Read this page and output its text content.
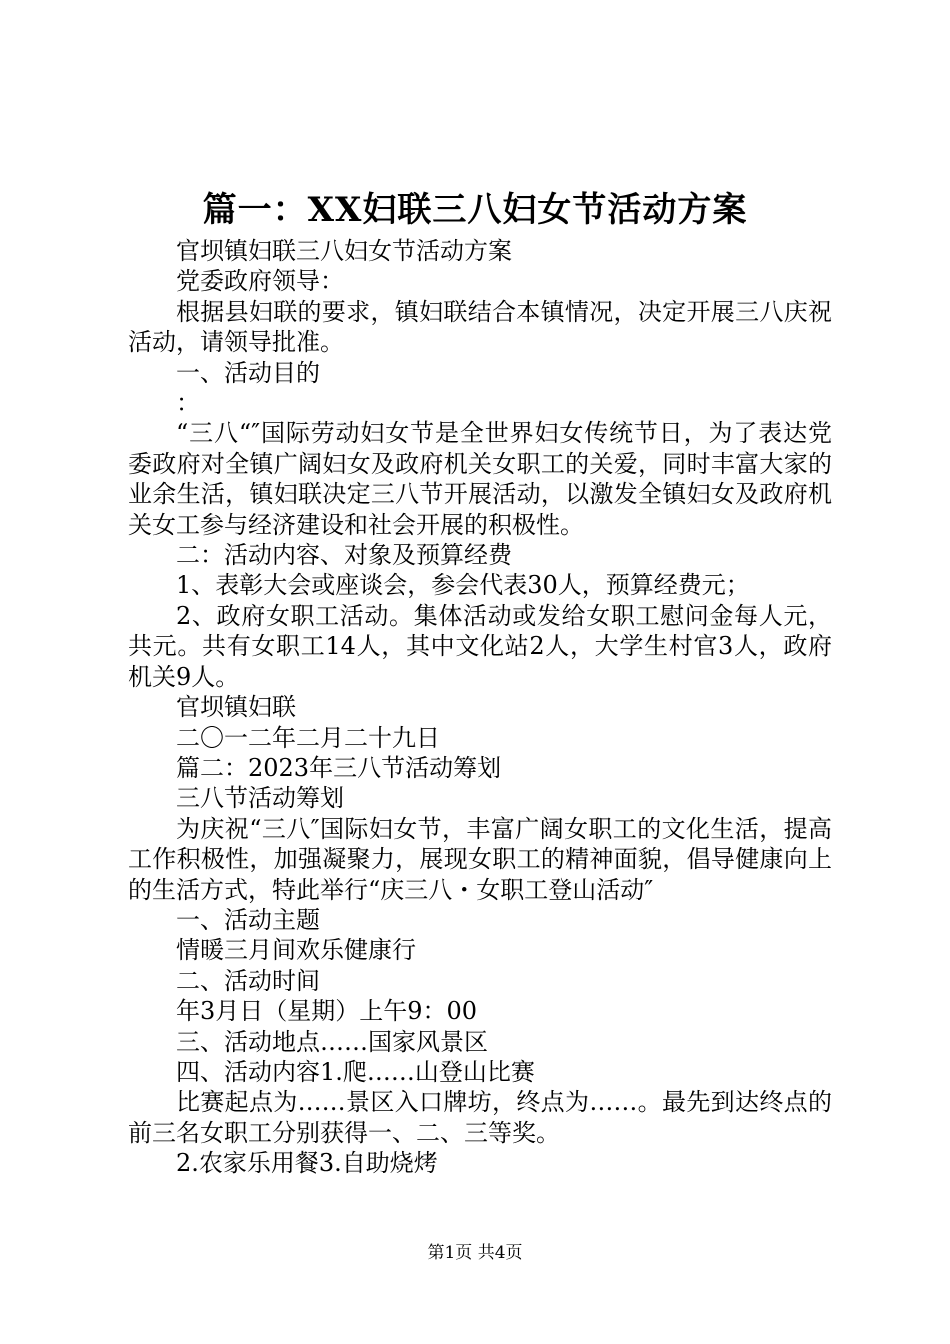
篇一：XX妇联三八妇女节活动方案

官坝镇妇联三八妇女节活动方案

党委政府领导：

根据县妇联的要求，镇妇联结合本镇情况，决定开展三八庆祝活动，请领导批准。

一、活动目的

：

“三八“″国际劳动妇女节是全世界妇女传统节日，为了表达党委政府对全镇广阔妇女及政府机关女职工的关爱，同时丰富大家的业余生活，镇妇联决定三八节开展活动，以激发全镇妇女及政府机关女工参与经济建设和社会开展的积极性。

二：活动内容、对象及预算经费

1、表彰大会或座谈会，参会代表30人，预算经费元；

2、政府女职工活动。集体活动或发给女职工慰问金每人元，共元。共有女职工14人，其中文化站2人，大学生村官3人，政府机关9人。

官坝镇妇联

二〇一二年二月二十九日

篇二：2023年三八节活动筹划

三八节活动筹划

为庆祝“三八″国际妇女节，丰富广阔女职工的文化生活，提高工作积极性，加强凝聚力，展现女职工的精神面貌，倡导健康向上的生活方式，特此举行“庆三八・女职工登山活动″

一、活动主题

情暖三月间欢乐健康行

二、活动时间

年3月日（星期）上午9：00

三、活动地点……国家风景区

四、活动内容1.爬……山登山比赛

比赛起点为……景区入口牌坊，终点为……。最先到达终点的前三名女职工分别获得一、二、三等奖。

2.农家乐用餐3.自助烧烤

第1页 共4页
